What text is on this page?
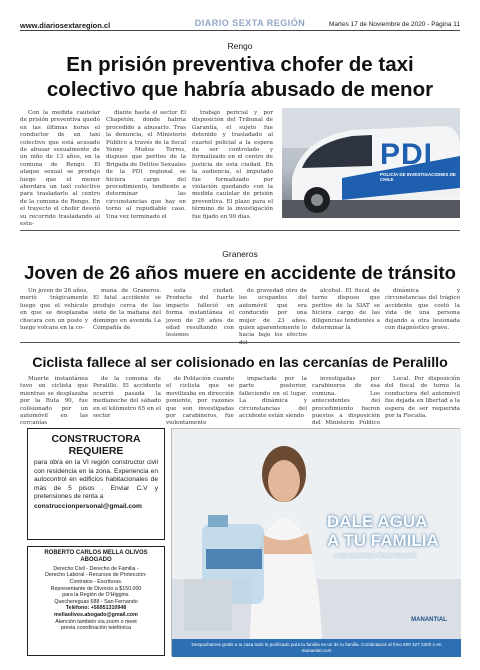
www.diariosextaregion.cl	DIARIO SEXTA REGIÓN	Martes 17 de Noviembre de 2020 - Página 11
Rengo
En prisión preventiva chofer de taxi
colectivo que habría abusado de menor

Con la medida cautelar de prisión preventiva quedó en las últimas horas el conductor de un taxi colectivo que está acusado de abusar sexualmente de un niño de 13 años, en la comuna de Rengo. El ataque sexual se produjo luego que el menor abordara un taxi colectivo para trasladarlo al centro de la comuna de Rengo. En el trayecto el chofer desvió su recorrido trasladando al estu-

diante hasta el sector El Chapetón, donde habría procedido a abusarlo. Tras la denuncia, el Ministerio Público a través de la fiscal Yenny Muñoz Torres, dispuso que peritos de la Brigada de Delitos Sexuales de la PDI regional se hiciera cargo del procedimiento, tendiente a determinar las circunstancias que hay en torno al repudiable caso. Una vez terminado el

trabajo pericial y por disposición del Tribunal de Garantía, el sujeto fue detenido y trasladado al cuartel policial a la espera de ser controlado y formalizado en el centro de justicia de esta ciudad. En la audiencia, el imputado fue formalizado por violación quedando con la medida cautelar de prisión preventiva. El plazo para el término de la investigación fue fijado en 90 días.

PDI
POLICÍA DE INVESTIGACIONES DE CHILE
Graneros
Joven de 26 años muere en accidente de tránsito

Un joven de 26 años, murió trágicamente luego que el vehículo en que se desplazaba chocara con un poste y luego volcara en la co-

muna de Graneros. El fatal accidente se produjo cerca de las siete de la mañana del domingo en avenida La Compañía de

esta ciudad. Producto del fuerte impacto falleció en forma instantánea el joven de 26 años de edad resultando con lesiones

de gravedad otro de los ocupantes del automóvil que era conducido por una mujer de 23 años, quien aparentemente lo hacía bajo los efectos

alcohol. El fiscal de turno dispuso que peritos de la SIAT se hiciera cargo de las diligencias tendientes a determinar la

dinámica y circunstancias del trágico accidente que costó la vida de una persona dejando a otra lesionada con diagnóstico grave.

Ciclista fallece al ser colisionado en las cercanías de Peralillo

Muerte instantánea tuvo un ciclista que mientras se desplazaba por la Ruta 90, fue colisionado por un automóvil en las cercanías

de la comuna de Peralillo. El accidente ocurrió pasada la medianoche del sábado en el kilómetro 65 en el sector

de Población cuando el ciclista que se movilizaba en dirección poniente, por razones que son investigadas por carabineros, fue violentamente

impactado por la parte posterior, falleciendo en el lugar. La dinámica y circunstancias del accidente están siendo

investigadas por carabineros de esa comuna. Los antecedentes del procedimiento fueron puestos a disposición del Ministerio Público

Local. Por disposición del fiscal de turno la conductora del automóvil fue dejada en libertad a la espera de ser requerida por la Fiscalía.

CONSTRUCTORA
REQUIERE
para obra en la VI región constructor civil con residencia en la zona. Experiencia en autocontrol en edificios habitacionales de más de 5 pisos . Enviar C.V y pretensiones de renta a
construccionpersonal@gmail.com
ROBERTO CARLOS MELLA OLIVOS
ABOGADO
Derecho Civil - Derecho de Familia -
Derecho Laboral - Recursos de Protección-
Contratos - Escrituras.
Representante de Divorcio a $150.000
para la Región de O'Higgins.
Quechereguas 688 - San Fernando
Teléfono: +56951310948
mellaolivos.abogado@gmail.com
Atención también vía zoom o meet
previa coordinación telefónica
DALE AGUA
A TU FAMILIA
al agua purificada y filtrada Manantial
MANANTIAL
Despachamos gratis a tu casa todo lo purificado para tu familia en un de tu familia. Contáctanos al fono 600 427 2300 o en manantial.com
